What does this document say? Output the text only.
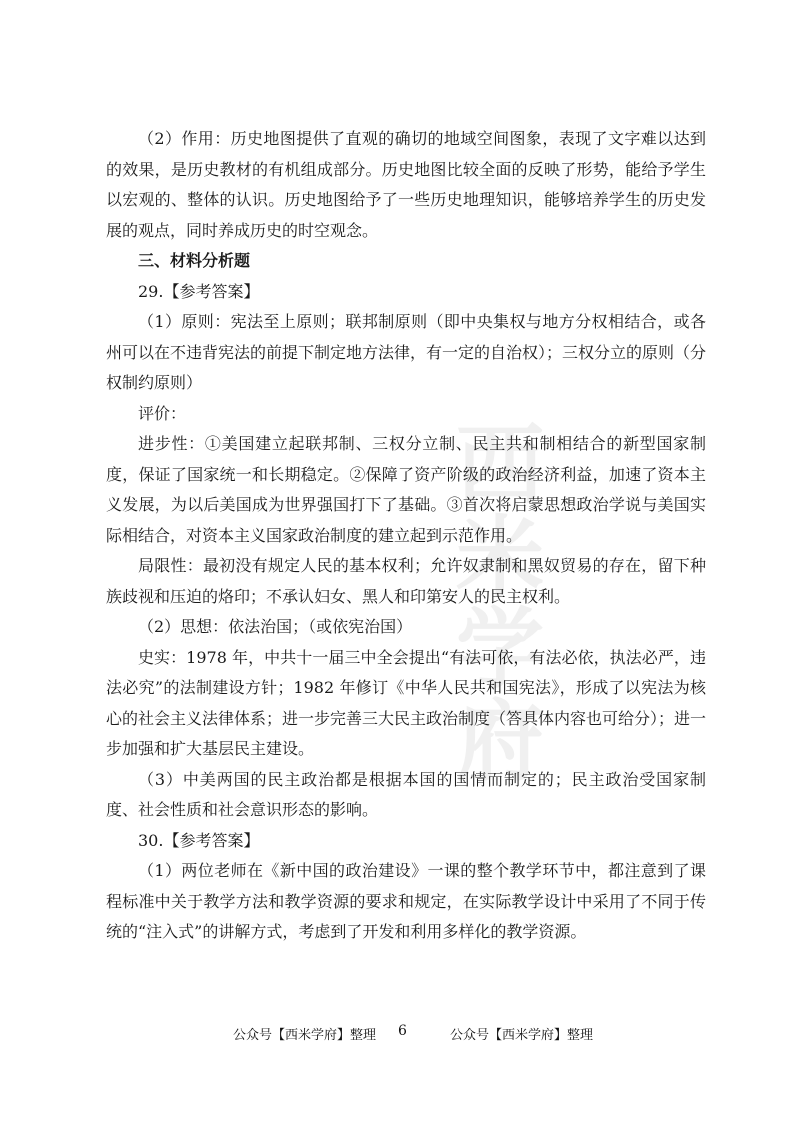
西米学府

（2）作用：历史地图提供了直观的确切的地域空间图象，表现了文字难以达到的效果，是历史教材的有机组成部分。历史地图比较全面的反映了形势，能给予学生以宏观的、整体的认识。历史地图给予了一些历史地理知识，能够培养学生的历史发展的观点，同时养成历史的时空观念。

三、材料分析题

29.【参考答案】

（1）原则：宪法至上原则；联邦制原则（即中央集权与地方分权相结合，或各州可以在不违背宪法的前提下制定地方法律，有一定的自治权）；三权分立的原则（分权制约原则）

评价：

进步性：①美国建立起联邦制、三权分立制、民主共和制相结合的新型国家制度，保证了国家统一和长期稳定。②保障了资产阶级的政治经济利益，加速了资本主义发展，为以后美国成为世界强国打下了基础。③首次将启蒙思想政治学说与美国实际相结合，对资本主义国家政治制度的建立起到示范作用。

局限性：最初没有规定人民的基本权利；允许奴隶制和黑奴贸易的存在，留下种族歧视和压迫的烙印；不承认妇女、黑人和印第安人的民主权利。

（2）思想：依法治国；（或依宪治国）

史实：1978 年，中共十一届三中全会提出“有法可依，有法必依，执法必严，违法必究”的法制建设方针；1982 年修订《中华人民共和国宪法》，形成了以宪法为核心的社会主义法律体系；进一步完善三大民主政治制度（答具体内容也可给分）；进一步加强和扩大基层民主建设。

（3）中美两国的民主政治都是根据本国的国情而制定的；民主政治受国家制度、社会性质和社会意识形态的影响。

30.【参考答案】

（1）两位老师在《新中国的政治建设》一课的整个教学环节中，都注意到了课程标准中关于教学方法和教学资源的要求和规定，在实际教学设计中采用了不同于传统的“注入式”的讲解方式，考虑到了开发和利用多样化的教学资源。

公众号【西米学府】整理 6	公众号【西米学府】整理
